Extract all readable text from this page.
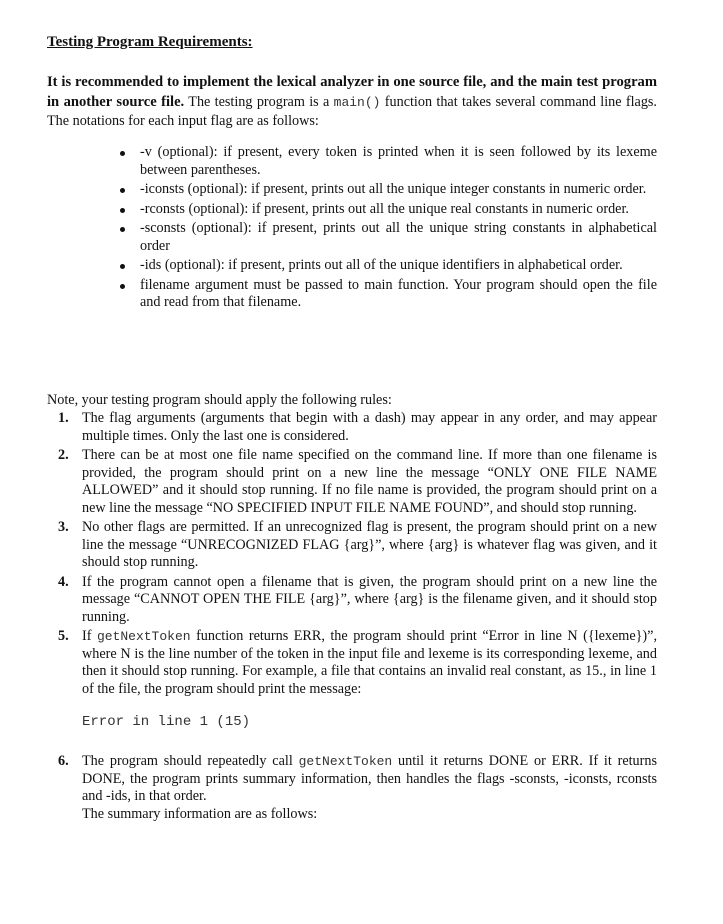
Testing Program Requirements:
It is recommended to implement the lexical analyzer in one source file, and the main test program in another source file. The testing program is a main() function that takes several command line flags. The notations for each input flag are as follows:
-v (optional): if present, every token is printed when it is seen followed by its lexeme between parentheses.
-iconsts (optional): if present, prints out all the unique integer constants in numeric order.
-rconsts (optional): if present, prints out all the unique real constants in numeric order.
-sconsts (optional): if present, prints out all the unique string constants in alphabetical order
-ids (optional): if present, prints out all of the unique identifiers in alphabetical order.
filename argument must be passed to main function. Your program should open the file and read from that filename.
Note, your testing program should apply the following rules:
1. The flag arguments (arguments that begin with a dash) may appear in any order, and may appear multiple times. Only the last one is considered.
2. There can be at most one file name specified on the command line. If more than one filename is provided, the program should print on a new line the message “ONLY ONE FILE NAME ALLOWED” and it should stop running. If no file name is provided, the program should print on a new line the message “NO SPECIFIED INPUT FILE NAME FOUND”, and should stop running.
3. No other flags are permitted. If an unrecognized flag is present, the program should print on a new line the message “UNRECOGNIZED FLAG {arg}”, where {arg} is whatever flag was given, and it should stop running.
4. If the program cannot open a filename that is given, the program should print on a new line the message “CANNOT OPEN THE FILE {arg}”, where {arg} is the filename given, and it should stop running.
5. If getNextToken function returns ERR, the program should print “Error in line N ({lexeme})”, where N is the line number of the token in the input file and lexeme is its corresponding lexeme, and then it should stop running. For example, a file that contains an invalid real constant, as 15., in line 1 of the file, the program should print the message:
Error in line 1 (15)
6. The program should repeatedly call getNextToken until it returns DONE or ERR. If it returns DONE, the program prints summary information, then handles the flags -sconsts, -iconsts, rconsts and -ids, in that order.
The summary information are as follows:
